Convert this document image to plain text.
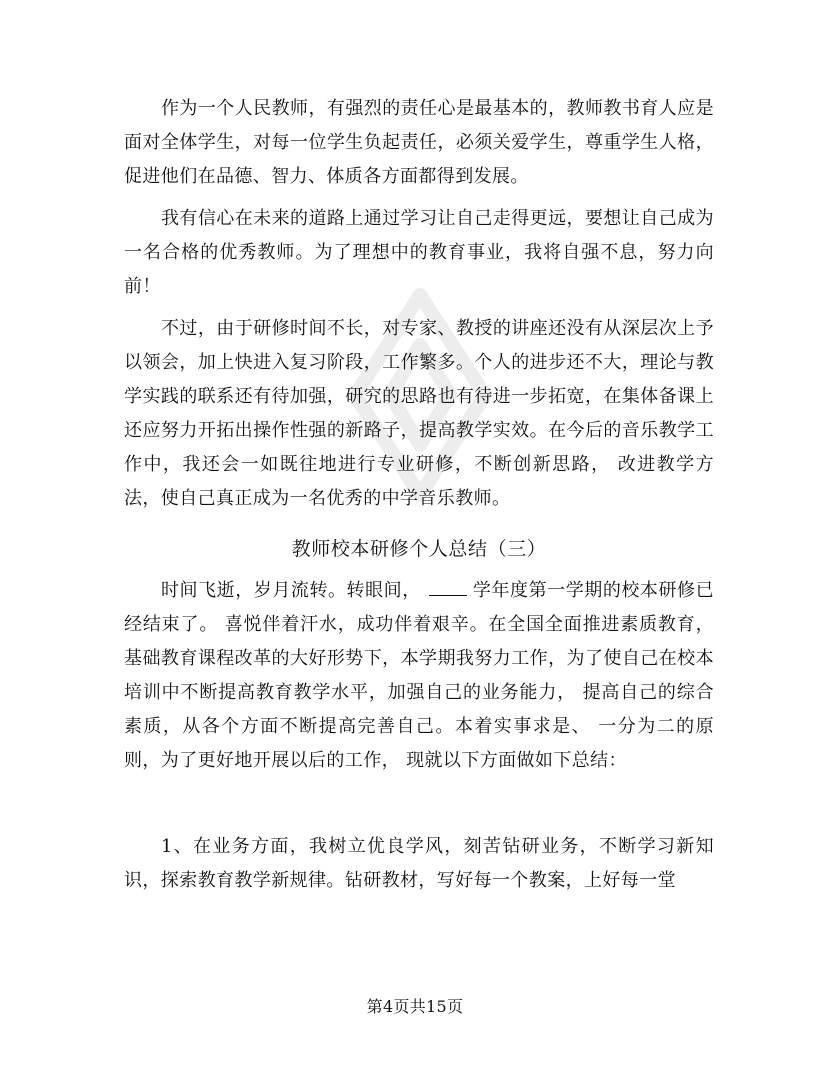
作为一个人民教师，有强烈的责任心是最基本的，教师教书育人应是面对全体学生，对每一位学生负起责任，必须关爱学生，尊重学生人格，促进他们在品德、智力、体质各方面都得到发展。

我有信心在未来的道路上通过学习让自己走得更远，要想让自己成为一名合格的优秀教师。为了理想中的教育事业，我将自强不息，努力向前！

不过，由于研修时间不长，对专家、教授的讲座还没有从深层次上予以领会，加上快进入复习阶段，工作繁多。个人的进步还不大，理论与教学实践的联系还有待加强，研究的思路也有待进一步拓宽，在集体备课上还应努力开拓出操作性强的新路子，提高教学实效。在今后的音乐教学工作中，我还会一如既往地进行专业研修，不断创新思路， 改进教学方法，使自己真正成为一名优秀的中学音乐教师。

教师校本研修个人总结（三）

时间飞逝，岁月流转。转眼间，	学年度第一学期的校本研修已经结束了。 喜悦伴着汗水，成功伴着艰辛。在全国全面推进素质教育，基础教育课程改革的大好形势下，本学期我努力工作，为了使自己在校本培训中不断提高教育教学水平，加强自己的业务能力， 提高自己的综合素质，从各个方面不断提高完善自己。本着实事求是、 一分为二的原则，为了更好地开展以后的工作， 现就以下方面做如下总结：

1、在业务方面，我树立优良学风，刻苦钻研业务，不断学习新知识，探索教育教学新规律。钻研教材，写好每一个教案，上好每一堂

第4页共15页
